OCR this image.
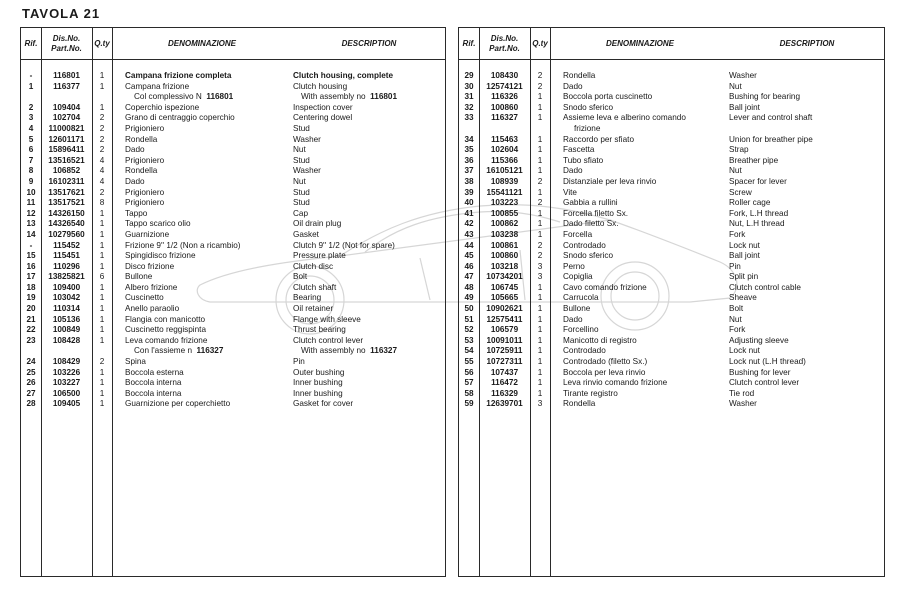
TAVOLA 21
Rif.
Dis.No.
Part.No.
Q.ty	DENOMINAZIONE	DESCRIPTION
-	116801	1	Campana frizione completa	Clutch housing, complete
1	116377	1	Campana frizione	Clutch housing
Col complessivo N  116801	With assembly no  116801
2	109404	1	Coperchio ispezione	Inspection cover
3	102704	2	Grano di centraggio coperchio	Centering dowel
4	11000821	2	Prigioniero	Stud
5	12601171	2	Rondella	Washer
6	15896411	2	Dado	Nut
7	13516521	4	Prigioniero	Stud
8	106852	4	Rondella	Washer
9	16102311	4	Dado	Nut
10	13517621	2	Prigioniero	Stud
11	13517521	8	Prigioniero	Stud
12	14326150	1	Tappo	Cap
13	14326540	1	Tappo scarico olio	Oil drain plug
14	10279560	1	Guarnizione	Gasket
-	115452	1	Frizione 9'' 1/2 (Non a ricambio)	Clutch 9'' 1/2 (Not for spare)
15	115451	1	Spingidisco frizione	Pressure plate
16	110296	1	Disco frizione	Clutch disc
17	13825821	6	Bullone	Bolt
18	109400	1	Albero frizione	Clutch shaft
19	103042	1	Cuscinetto	Bearing
20	110314	1	Anello paraolio	Oil retainer
21	105136	1	Flangia con manicotto	Flange with sleeve
22	100849	1	Cuscinetto reggispinta	Thrust bearing
23	108428	1	Leva comando frizione	Clutch control lever
Con l'assieme n  116327	With assembly no  116327
24	108429	2	Spina	Pin
25	103226	1	Boccola esterna	Outer bushing
26	103227	1	Boccola interna	Inner bushing
27	106500	1	Boccola interna	Inner bushing
28	109405	1	Guarnizione per coperchietto	Gasket for cover
Rif.
Dis.No.
Part.No.
Q.ty	DENOMINAZIONE	DESCRIPTION
29	108430	2	Rondella	Washer
30	12574121	2	Dado	Nut
31	116326	1	Boccola porta cuscinetto	Bushing for bearing
32	100860	1	Snodo sferico	Ball joint
33	116327	1	Assieme leva e alberino comando	Lever and control shaft
frizione
34	115463	1	Raccordo per sfiato	Union for breather pipe
35	102604	1	Fascetta	Strap
36	115366	1	Tubo sfiato	Breather pipe
37	16105121	1	Dado	Nut
38	108939	2	Distanziale per leva rinvio	Spacer for lever
39	15541121	1	Vite	Screw
40	103223	2	Gabbia a rullini	Roller cage
41	100855	1	Forcella filetto Sx.	Fork, L.H thread
42	100862	1	Dado filetto Sx.	Nut, L.H thread
43	103238	1	Forcella	Fork
44	100861	2	Controdado	Lock nut
45	100860	2	Snodo sferico	Ball joint
46	103218	3	Perno	Pin
47	10734201	3	Copiglia	Split pin
48	106745	1	Cavo comando frizione	Clutch control cable
49	105665	1	Carrucola	Sheave
50	10902621	1	Bullone	Bolt
51	12575411	1	Dado	Nut
52	106579	1	Forcellino	Fork
53	10091011	1	Manicotto di registro	Adjusting sleeve
54	10725911	1	Controdado	Lock nut
55	10727311	1	Controdado (filetto Sx.)	Lock nut (L.H thread)
56	107437	1	Boccola per leva rinvio	Bushing for lever
57	116472	1	Leva rinvio comando frizione	Clutch control lever
58	116329	1	Tirante registro	Tie rod
59	12639701	3	Rondella	Washer
